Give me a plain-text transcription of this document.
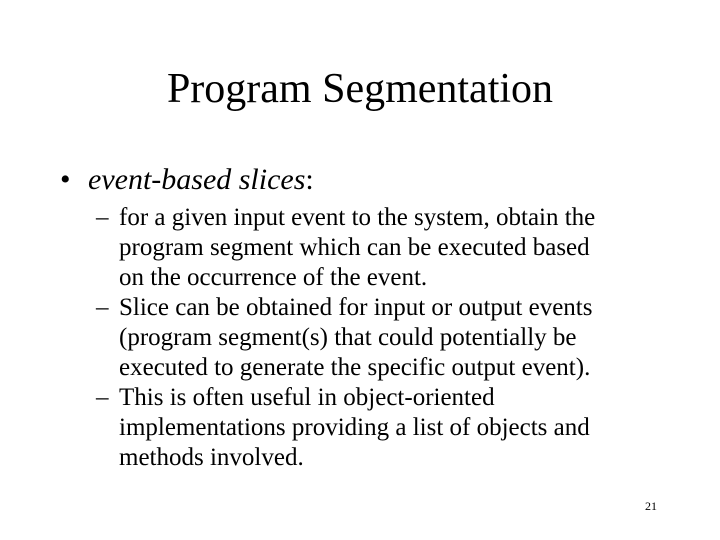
Program Segmentation
• event-based slices:
– for a given input event to the system, obtain the
program segment which can be executed based
on the occurrence of the event.
– Slice can be obtained for input or output events
(program segment(s) that could potentially be
executed to generate the specific output event).
– This is often useful in object-oriented
implementations providing a list of objects and
methods involved.
21
